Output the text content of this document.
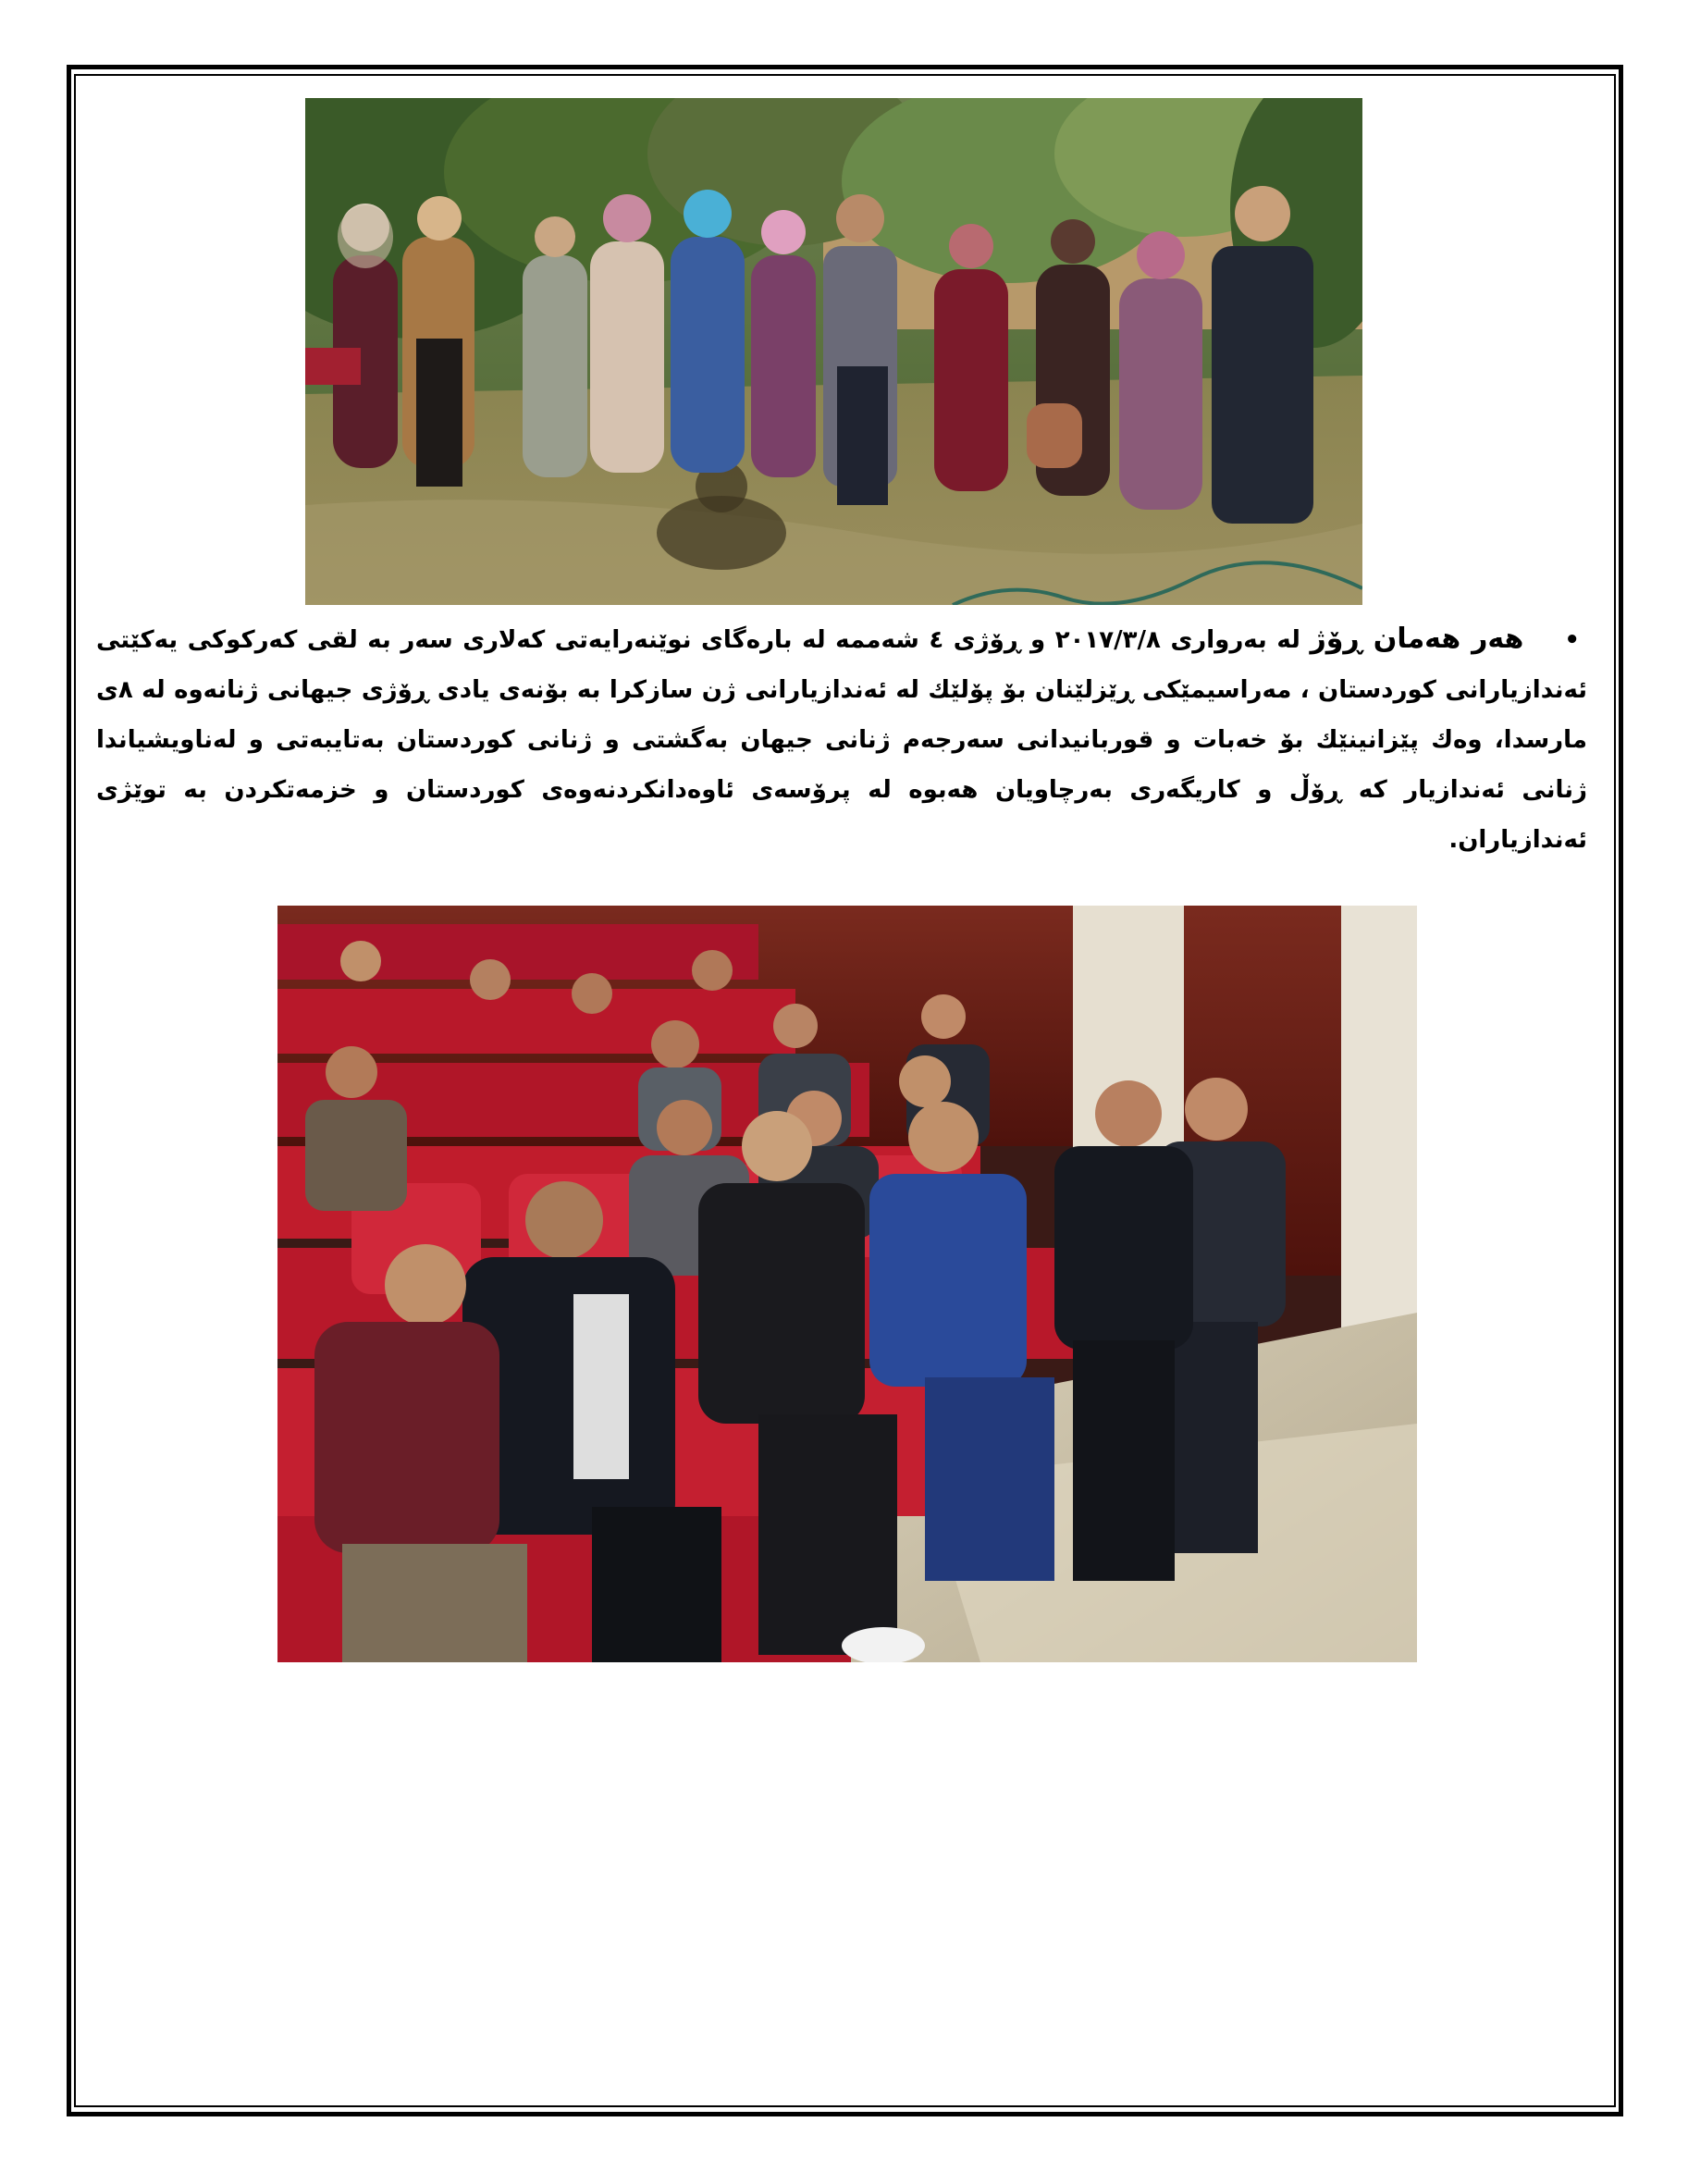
•هەر هەمان ڕۆژ لە بەرواری ٢٠١٧/٣/٨ و ڕۆژی ٤ شەممە لە بارەگای نوێنەرایەتی کەلاری سەر بە لقی کەرکوکی یەکێتی ئەندازیارانی کوردستان ، مەراسیمێکی ڕێزلێنان بۆ پۆلێك لە ئەندازیارانی ژن سازکرا بە بۆنەی یادی ڕۆژی جیهانی ژنانەوە لە ٨ی مارسدا، وەك پێزانینێك بۆ خەبات و قوربانیدانی سەرجەم ژنانی جیهان بەگشتی و ژنانی کوردستان بەتایبەتی و لەناویشیاندا ژنانی ئەندازیار کە ڕۆڵ و کاریگەری بەرچاویان هەبوە لە پرۆسەی ئاوەدانکردنەوەی کوردستان و خزمەتکردن بە توێژی ئەندازیاران.
